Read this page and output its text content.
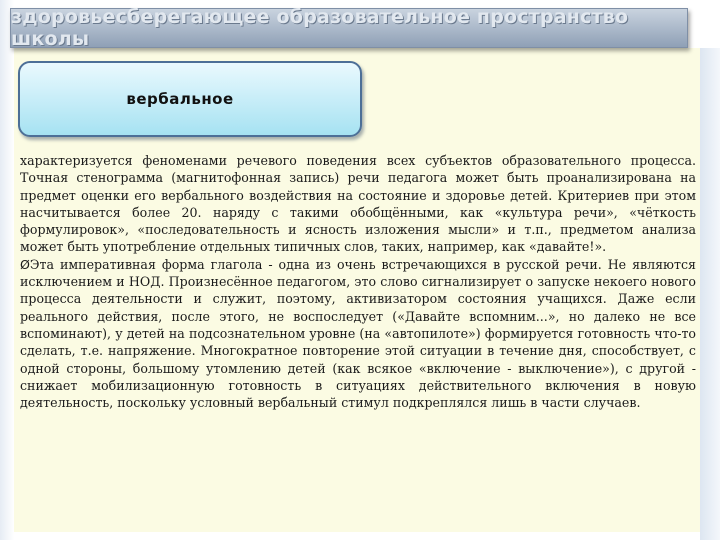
здоровьесберегающее образовательное пространство школы
вербальное

характеризуется феноменами речевого поведения всех субъектов образовательного процесса. Точная стенограмма (магнитофонная запись) речи педагога может быть проанализирована на предмет оценки его вербального воздействия на состояние и здоровье детей. Критериев при этом насчитывается более 20. наряду с такими обобщёнными, как «культура речи», «чёткость формулировок», «последовательность и ясность изложения мысли» и т.п., предметом анализа может быть употребление отдельных типичных слов, таких, например, как «давайте!».

ØЭта императивная форма глагола - одна из очень встречающихся в русской речи. Не являются исключением и НОД. Произнесённое педагогом, это слово сигнализирует о запуске некоего нового процесса деятельности и служит, поэтому, активизатором состояния учащихся. Даже если реального действия, после этого, не воспоследует («Давайте вспомним...», но далеко не все вспоминают), у детей на подсознательном уровне (на «автопилоте») формируется готовность что-то сделать, т.е. напряжение. Многократное повторение этой ситуации в течение дня, способствует, с одной стороны, большому утомлению детей (как всякое «включение - выключение»), с другой - снижает мобилизационную готовность в ситуациях действительного включения в новую деятельность, поскольку условный вербальный стимул подкреплялся лишь в части случаев.
